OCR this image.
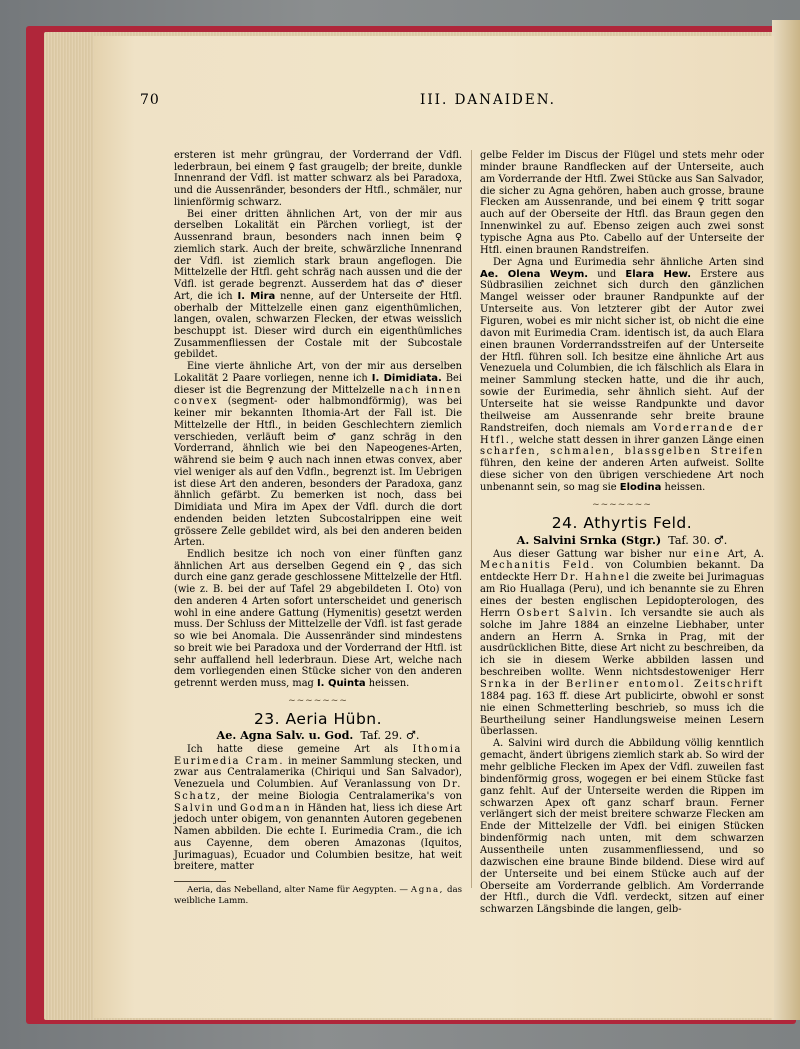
70	III. DANAIDEN.

ersteren ist mehr grüngrau, der Vorderrand der Vdfl. lederbraun, bei einem ♀ fast graugelb; der breite, dunkle Innenrand der Vdfl. ist matter schwarz als bei Paradoxa, und die Aussenränder, besonders der Htfl., schmäler, nur linienförmig schwarz.

Bei einer dritten ähnlichen Art, von der mir aus derselben Lokalität ein Pärchen vorliegt, ist der Aussenrand braun, besonders nach innen beim ♀ ziemlich stark. Auch der breite, schwärzliche Innenrand der Vdfl. ist ziemlich stark braun angeflogen. Die Mittelzelle der Htfl. geht schräg nach aussen und die der Vdfl. ist gerade begrenzt. Ausserdem hat das ♂ dieser Art, die ich I. Mira nenne, auf der Unterseite der Htfl. oberhalb der Mittelzelle einen ganz eigenthümlichen, langen, ovalen, schwarzen Flecken, der etwas weisslich beschuppt ist. Dieser wird durch ein eigenthümliches Zusammenfliessen der Costale mit der Subcostale gebildet.

Eine vierte ähnliche Art, von der mir aus derselben Lokalität 2 Paare vorliegen, nenne ich I. Dimidiata. Bei dieser ist die Begrenzung der Mittelzelle nach innen convex (segment- oder halbmondförmig), was bei keiner mir bekannten Ithomia-Art der Fall ist. Die Mittelzelle der Htfl., in beiden Geschlechtern ziemlich verschieden, verläuft beim ♂ ganz schräg in den Vorderrand, ähnlich wie bei den Napeogenes-Arten, während sie beim ♀ auch nach innen etwas convex, aber viel weniger als auf den Vdfln., begrenzt ist. Im Uebrigen ist diese Art den anderen, besonders der Paradoxa, ganz ähnlich gefärbt. Zu bemerken ist noch, dass bei Dimidiata und Mira im Apex der Vdfl. durch die dort endenden beiden letzten Subcostalrippen eine weit grössere Zelle gebildet wird, als bei den anderen beiden Arten.

Endlich besitze ich noch von einer fünften ganz ähnlichen Art aus derselben Gegend ein ♀, das sich durch eine ganz gerade geschlossene Mittelzelle der Htfl. (wie z. B. bei der auf Tafel 29 abgebildeten I. Oto) von den anderen 4 Arten sofort unterscheidet und generisch wohl in eine andere Gattung (Hymenitis) gesetzt werden muss. Der Schluss der Mittelzelle der Vdfl. ist fast gerade so wie bei Anomala. Die Aussenränder sind mindestens so breit wie bei Paradoxa und der Vorderrand der Htfl. ist sehr auffallend hell lederbraun. Diese Art, welche nach dem vorliegenden einen Stücke sicher von den anderen getrennt werden muss, mag I. Quinta heissen.

~~~~~~~
23. Aeria Hübn.
Ae. Agna Salv. u. God. Taf. 29. ♂.

Ich hatte diese gemeine Art als Ithomia Eurimedia Cram. in meiner Sammlung stecken, und zwar aus Centralamerika (Chiriqui und San Salvador), Venezuela und Columbien. Auf Veranlassung von Dr. Schatz, der meine Biologia Centralamerika's von Salvin und Godman in Händen hat, liess ich diese Art jedoch unter obigem, von genannten Autoren gegebenen Namen abbilden. Die echte I. Eurimedia Cram., die ich aus Cayenne, dem oberen Amazonas (Iquitos, Jurimaguas), Ecuador und Columbien besitze, hat weit breitere, matter

Aeria, das Nebelland, alter Name für Aegypten. — Agna, das weibliche Lamm.

gelbe Felder im Discus der Flügel und stets mehr oder minder braune Randflecken auf der Unterseite, auch am Vorderrande der Htfl. Zwei Stücke aus San Salvador, die sicher zu Agna gehören, haben auch grosse, braune Flecken am Aussenrande, und bei einem ♀ tritt sogar auch auf der Oberseite der Htfl. das Braun gegen den Innenwinkel zu auf. Ebenso zeigen auch zwei sonst typische Agna aus Pto. Cabello auf der Unterseite der Htfl. einen braunen Randstreifen.

Der Agna und Eurimedia sehr ähnliche Arten sind Ae. Olena Weym. und Elara Hew. Erstere aus Südbrasilien zeichnet sich durch den gänzlichen Mangel weisser oder brauner Randpunkte auf der Unterseite aus. Von letzterer gibt der Autor zwei Figuren, wobei es mir nicht sicher ist, ob nicht die eine davon mit Eurimedia Cram. identisch ist, da auch Elara einen braunen Vorderrandsstreifen auf der Unterseite der Htfl. führen soll. Ich besitze eine ähnliche Art aus Venezuela und Columbien, die ich fälschlich als Elara in meiner Sammlung stecken hatte, und die ihr auch, sowie der Eurimedia, sehr ähnlich sieht. Auf der Unterseite hat sie weisse Randpunkte und davor theilweise am Aussenrande sehr breite braune Randstreifen, doch niemals am Vorderrande der Htfl., welche statt dessen in ihrer ganzen Länge einen scharfen, schmalen, blassgelben Streifen führen, den keine der anderen Arten aufweist. Sollte diese sicher von den übrigen verschiedene Art noch unbenannt sein, so mag sie Elodina heissen.

~~~~~~~
24. Athyrtis Feld.
A. Salvini Srnka (Stgr.) Taf. 30. ♂.

Aus dieser Gattung war bisher nur eine Art, A. Mechanitis Feld. von Columbien bekannt. Da entdeckte Herr Dr. Hahnel die zweite bei Jurimaguas am Rio Huallaga (Peru), und ich benannte sie zu Ehren eines der besten englischen Lepidopterologen, des Herrn Osbert Salvin. Ich versandte sie auch als solche im Jahre 1884 an einzelne Liebhaber, unter andern an Herrn A. Srnka in Prag, mit der ausdrücklichen Bitte, diese Art nicht zu beschreiben, da ich sie in diesem Werke abbilden lassen und beschreiben wollte. Wenn nichtsdestoweniger Herr Srnka in der Berliner entomol. Zeitschrift 1884 pag. 163 ff. diese Art publicirte, obwohl er sonst nie einen Schmetterling beschrieb, so muss ich die Beurtheilung seiner Handlungsweise meinen Lesern überlassen.

A. Salvini wird durch die Abbildung völlig kenntlich gemacht, ändert übrigens ziemlich stark ab. So wird der mehr gelbliche Flecken im Apex der Vdfl. zuweilen fast bindenförmig gross, wogegen er bei einem Stücke fast ganz fehlt. Auf der Unterseite werden die Rippen im schwarzen Apex oft ganz scharf braun. Ferner verlängert sich der meist breitere schwarze Flecken am Ende der Mittelzelle der Vdfl. bei einigen Stücken bindenförmig nach unten, mit dem schwarzen Aussentheile unten zusammenfliessend, und so dazwischen eine braune Binde bildend. Diese wird auf der Unterseite und bei einem Stücke auch auf der Oberseite am Vorderrande gelblich. Am Vorderrande der Htfl., durch die Vdfl. verdeckt, sitzen auf einer schwarzen Längsbinde die langen, gelb-
